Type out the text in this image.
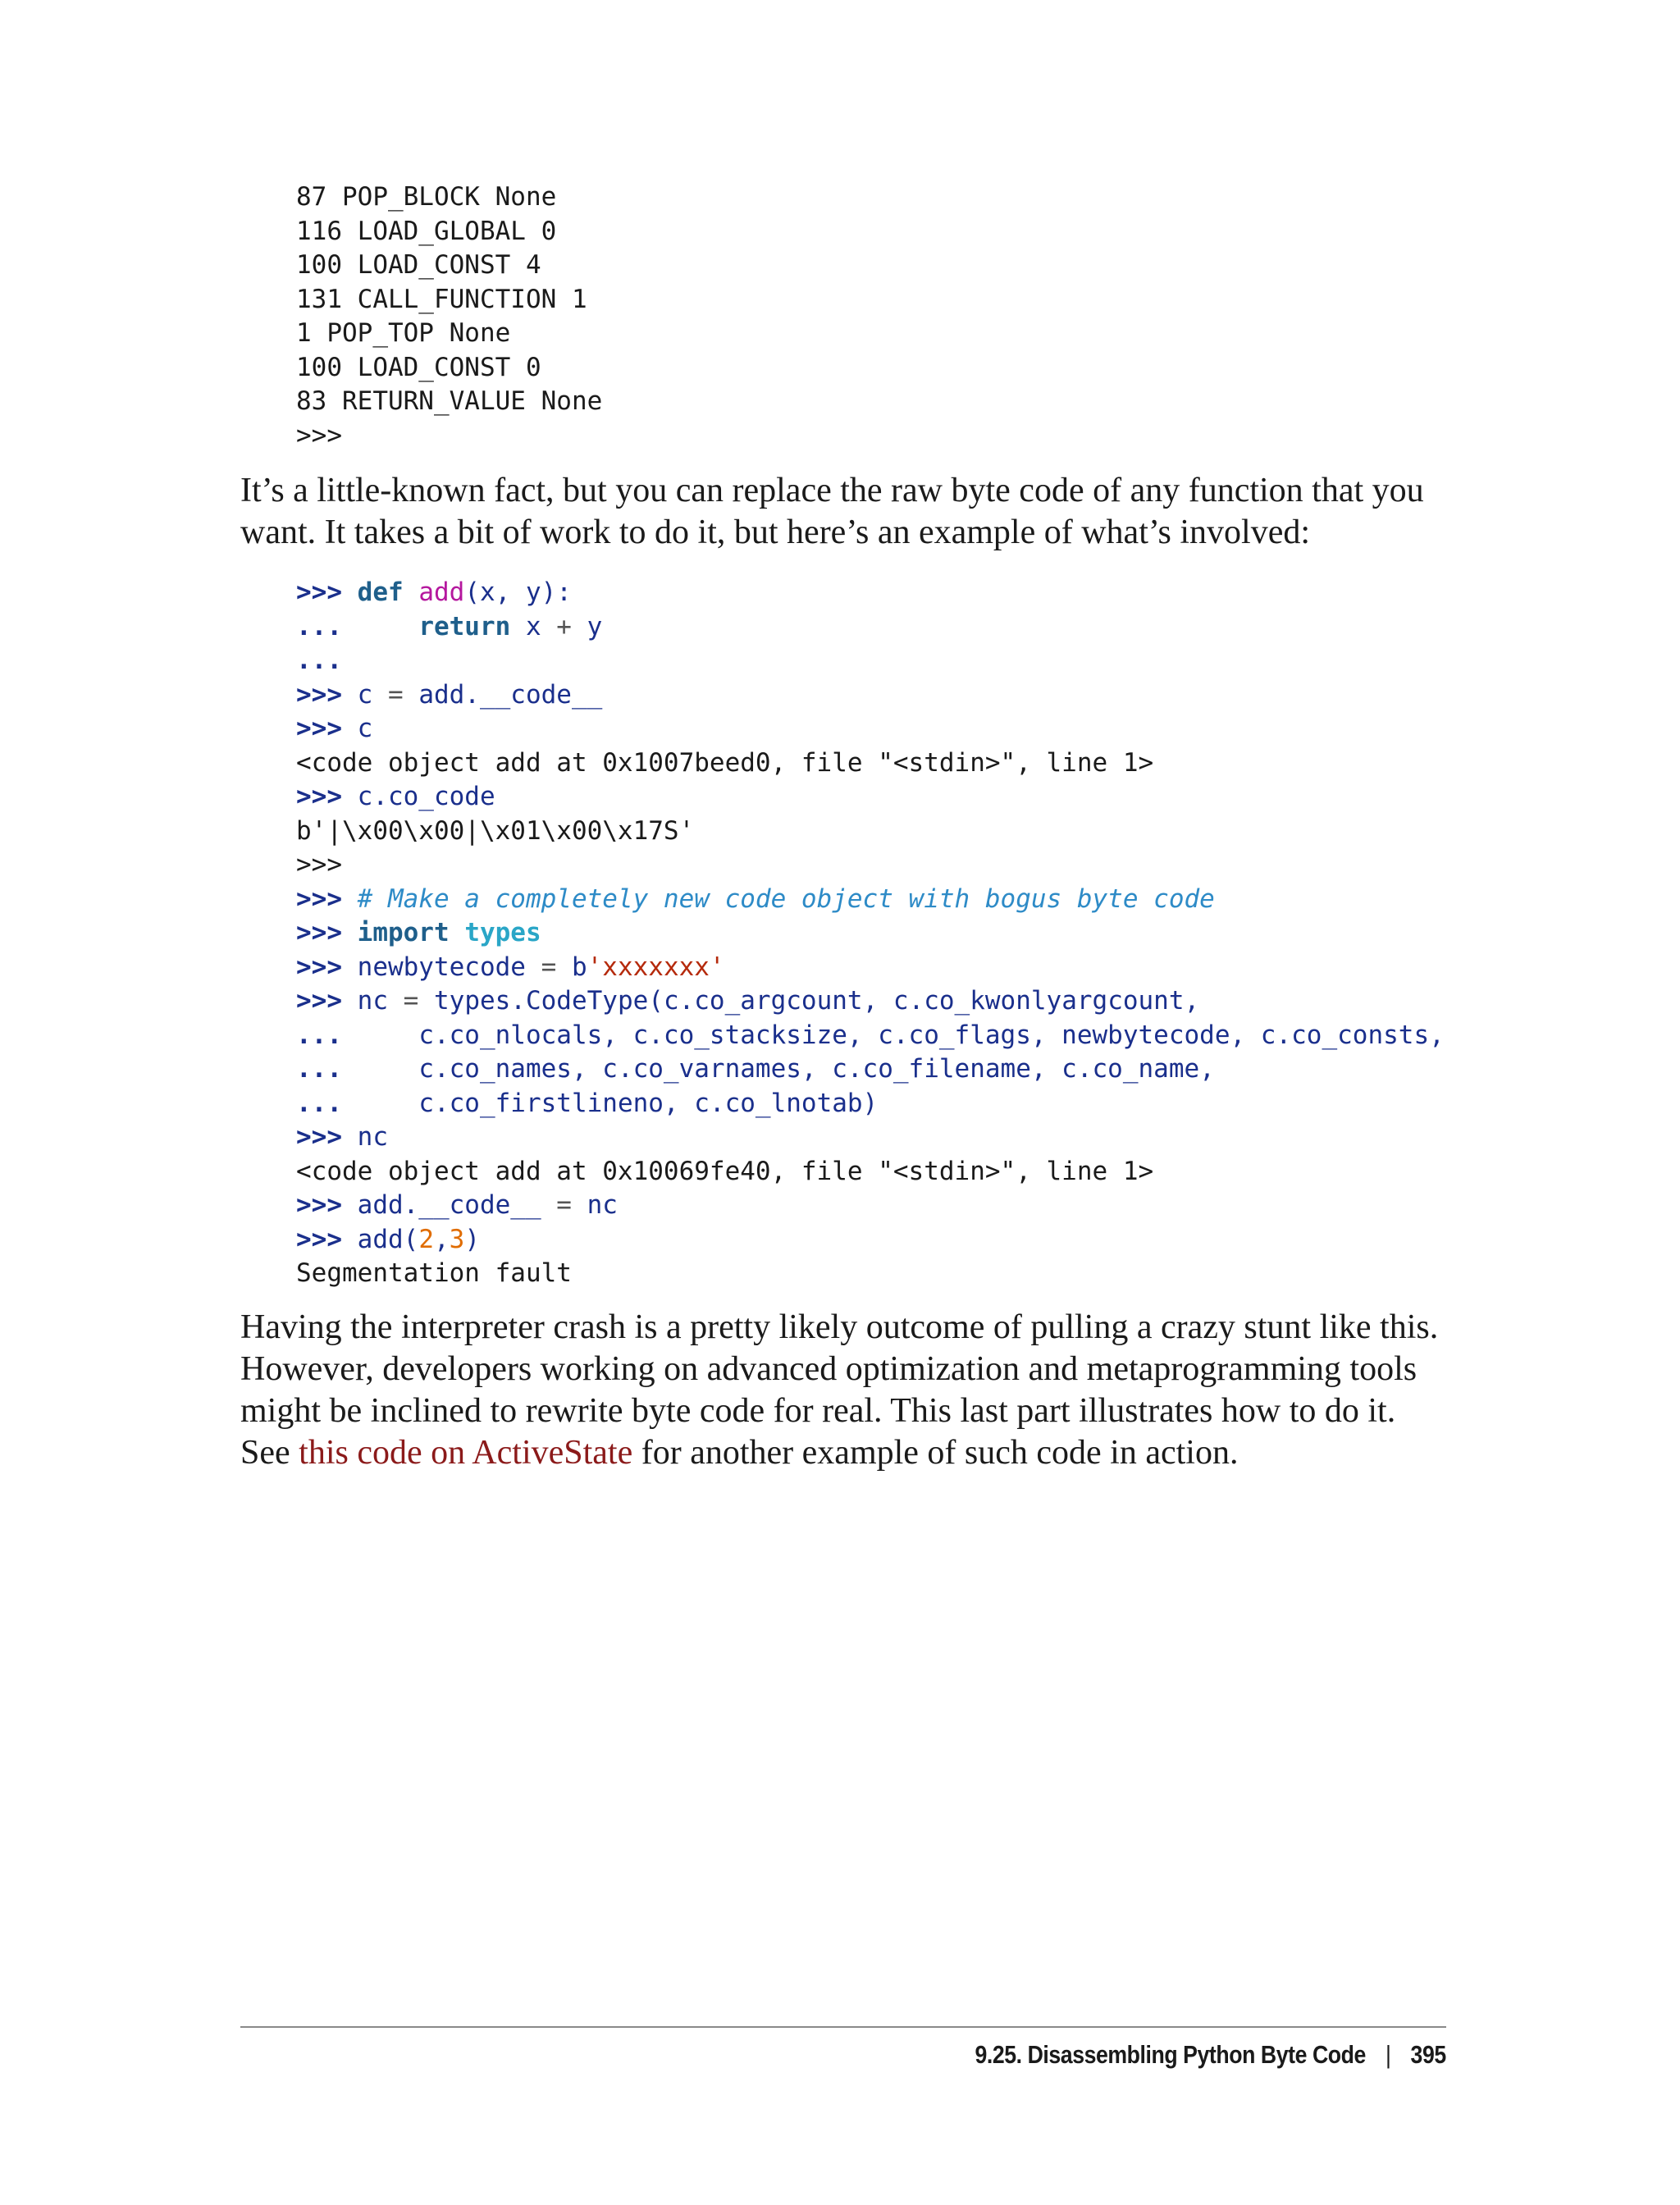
87 POP_BLOCK None
116 LOAD_GLOBAL 0
100 LOAD_CONST 4
131 CALL_FUNCTION 1
1 POP_TOP None
100 LOAD_CONST 0
83 RETURN_VALUE None
>>>

It’s a little-known fact, but you can replace the raw byte code of any function that you want. It takes a bit of work to do it, but here’s an example of what’s involved:

>>> def add(x, y):
...     return x + y
...
>>> c = add.__code__
>>> c
<code object add at 0x1007beed0, file "<stdin>", line 1>
>>> c.co_code
b'|\x00\x00|\x01\x00\x17S'
>>>
>>> # Make a completely new code object with bogus byte code
>>> import types
>>> newbytecode = b'xxxxxxx'
>>> nc = types.CodeType(c.co_argcount, c.co_kwonlyargcount,
...     c.co_nlocals, c.co_stacksize, c.co_flags, newbytecode, c.co_consts,
...     c.co_names, c.co_varnames, c.co_filename, c.co_name,
...     c.co_firstlineno, c.co_lnotab)
>>> nc
<code object add at 0x10069fe40, file "<stdin>", line 1>
>>> add.__code__ = nc
>>> add(2,3)
Segmentation fault

Having the interpreter crash is a pretty likely outcome of pulling a crazy stunt like this. However, developers working on advanced optimization and metaprogramming tools might be inclined to rewrite byte code for real. This last part illustrates how to do it. See this code on ActiveState for another example of such code in action.

9.25. Disassembling Python Byte Code | 395
